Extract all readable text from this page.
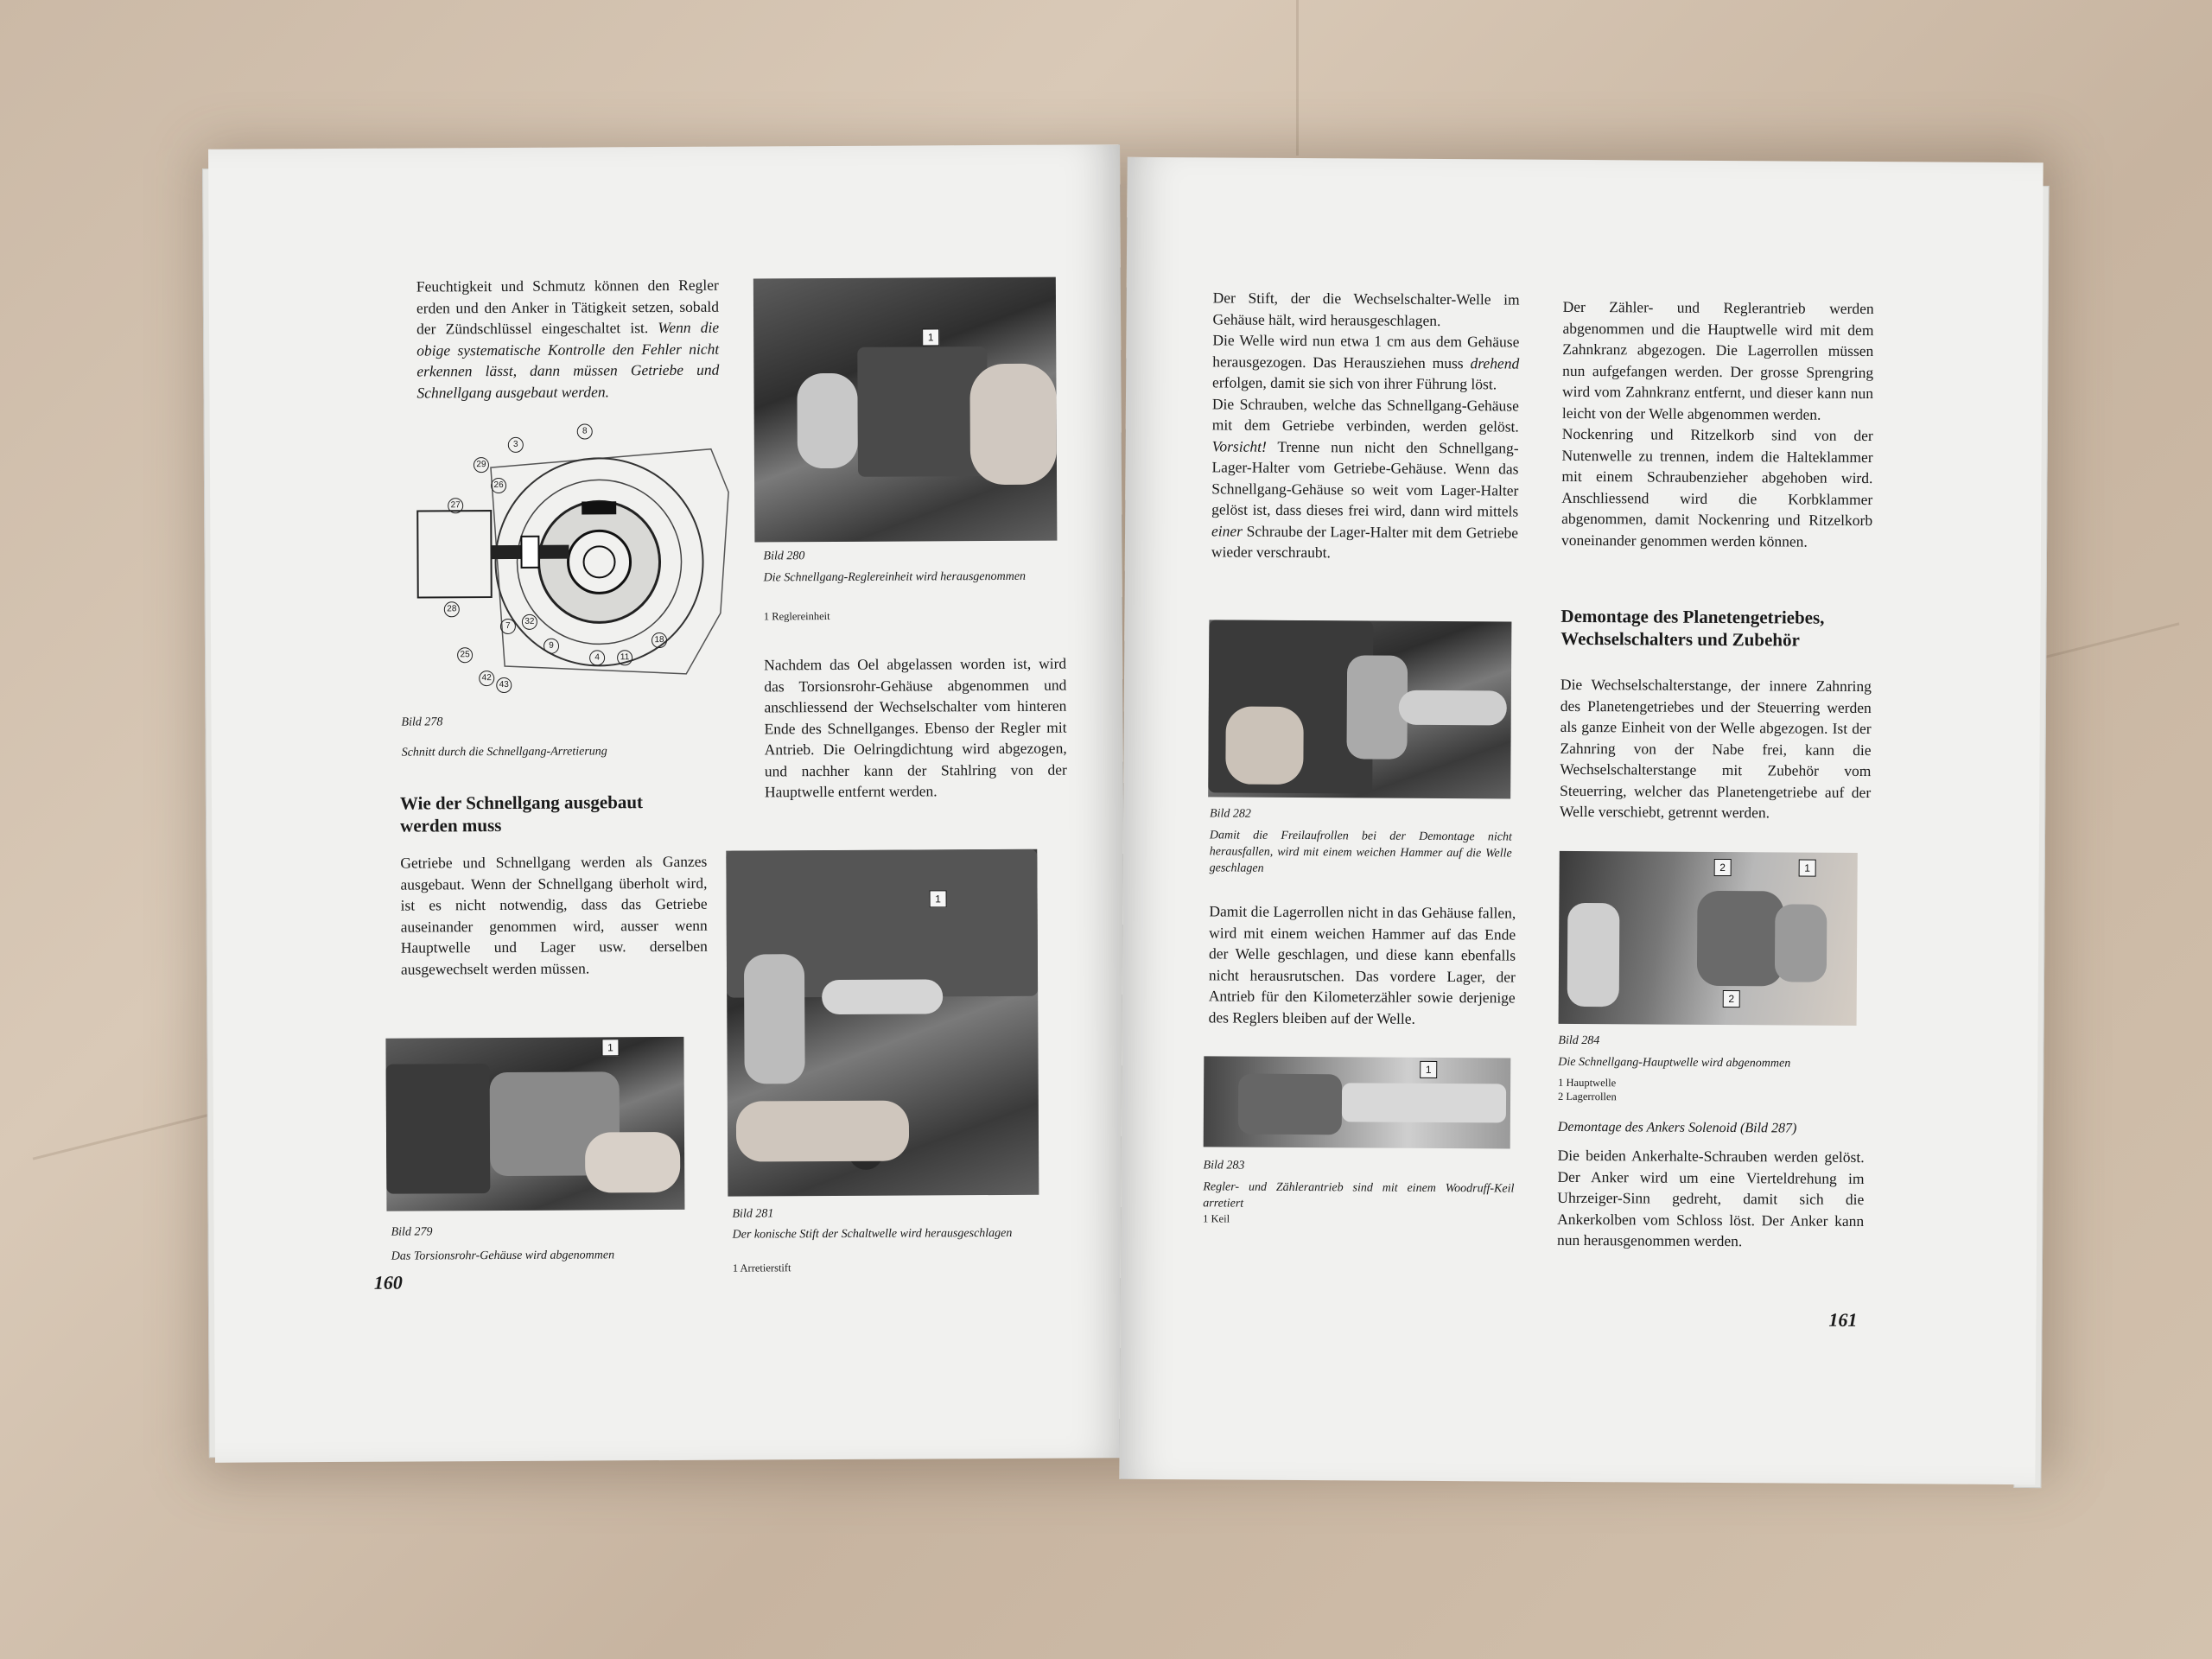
Feuchtigkeit und Schmutz können den Regler erden und den Anker in Tätigkeit setzen, sobald der Zündschlüssel eingeschaltet ist. Wenn die obige systematische Kontrolle den Fehler nicht erkennen lässt, dann müssen Getriebe und Schnellgang ausgebaut werden.

8
3
29
26
27
28
25
7	32
9
4	11
18
42
43
Bild 278
Schnitt durch die Schnellgang-Arretierung
1
Bild 280
Die Schnellgang-Reglereinheit wird herausgenommen
1 Reglereinheit

Nachdem das Oel abgelassen worden ist, wird das Torsionsrohr-Gehäuse abgenommen und anschliessend der Wechselschalter vom hinteren Ende des Schnellganges. Ebenso der Regler mit Antrieb. Die Oelringdichtung wird abgezogen, und nachher kann der Stahlring von der Hauptwelle entfernt werden.

Wie der Schnellgang ausgebaut werden muss

Getriebe und Schnellgang werden als Ganzes ausgebaut. Wenn der Schnellgang überholt wird, ist es nicht notwendig, dass das Getriebe auseinander genommen wird, ausser wenn Hauptwelle und Lager usw. derselben ausgewechselt werden müssen.

1
Bild 279
Das Torsionsrohr-Gehäuse wird abgenommen
1
Bild 281
Der konische Stift der Schaltwelle wird herausgeschlagen
1 Arretierstift
160

Der Stift, der die Wechselschalter-Welle im Gehäuse hält, wird herausgeschlagen.
Die Welle wird nun etwa 1 cm aus dem Gehäuse herausgezogen. Das Herausziehen muss drehend erfolgen, damit sie sich von ihrer Führung löst.
Die Schrauben, welche das Schnellgang-Gehäuse mit dem Getriebe verbinden, werden gelöst. Vorsicht! Trenne nun nicht den Schnellgang-Lager-Halter vom Getriebe-Gehäuse. Wenn das Schnellgang-Gehäuse so weit vom Lager-Halter gelöst ist, dass dieses frei wird, dann wird mittels einer Schraube der Lager-Halter mit dem Getriebe wieder verschraubt.

Bild 282
Damit die Freilaufrollen bei der Demontage nicht herausfallen, wird mit einem weichen Hammer auf die Welle geschlagen

Damit die Lagerrollen nicht in das Gehäuse fallen, wird mit einem weichen Hammer auf das Ende der Welle geschlagen, und diese kann ebenfalls nicht herausrutschen. Das vordere Lager, der Antrieb für den Kilometerzähler sowie derjenige des Reglers bleiben auf der Welle.

1
Bild 283
Regler- und Zählerantrieb sind mit einem Woodruff-Keil arretiert
1 Keil

Der Zähler- und Reglerantrieb werden abgenommen und die Hauptwelle wird mit dem Zahnkranz abgezogen. Die Lagerrollen müssen nun aufgefangen werden. Der grosse Sprengring wird vom Zahnkranz entfernt, und dieser kann nun leicht von der Welle abgenommen werden.
Nockenring und Ritzelkorb sind von der Nutenwelle zu trennen, indem die Halteklammer mit einem Schraubenzieher abgehoben wird. Anschliessend wird die Korbklammer abgenommen, damit Nockenring und Ritzelkorb voneinander genommen werden können.

Demontage des Planetengetriebes, Wechselschalters und Zubehör

Die Wechselschalterstange, der innere Zahnring des Planetengetriebes und der Steuerring werden als ganze Einheit von der Welle abgezogen. Ist der Zahnring von der Nabe frei, kann die Wechselschalterstange mit Zubehör vom Steuerring, welcher das Planetengetriebe auf der Welle verschiebt, getrennt werden.

2	1
2
Bild 284
Die Schnellgang-Hauptwelle wird abgenommen
1 Hauptwelle
2 Lagerrollen
Demontage des Ankers Solenoid (Bild 287)

Die beiden Ankerhalte-Schrauben werden gelöst. Der Anker wird um eine Vierteldrehung im Uhrzeiger-Sinn gedreht, damit sich die Ankerkolben vom Schloss löst. Der Anker kann nun herausgenommen werden.

161
